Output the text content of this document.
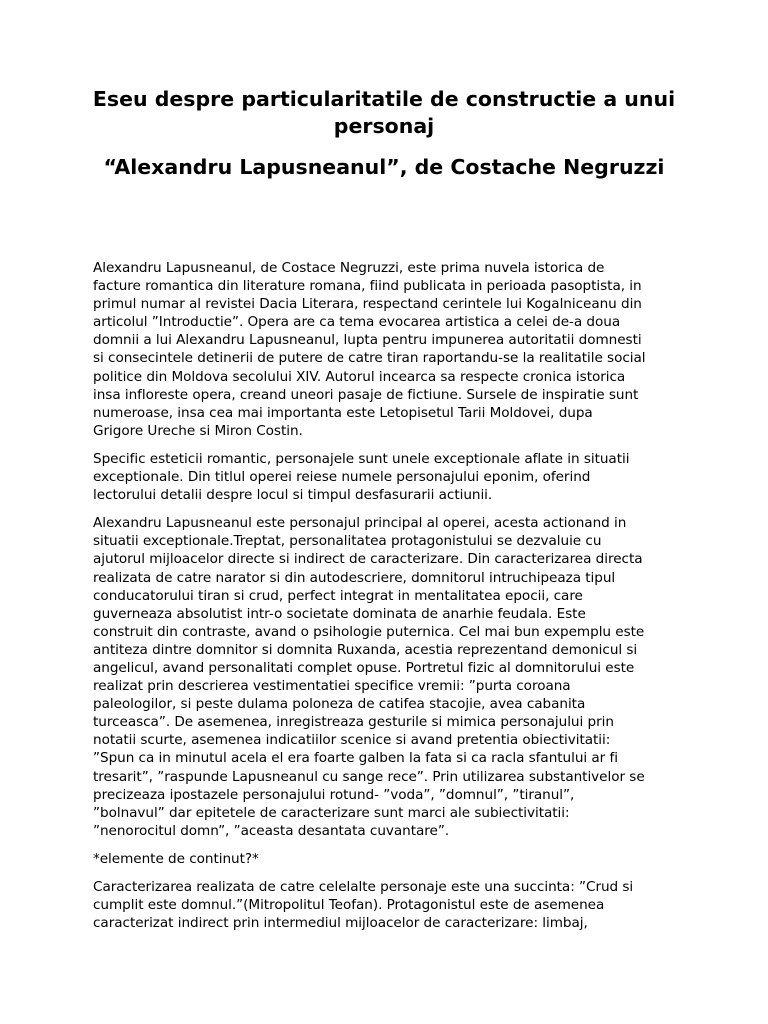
Eseu despre particularitatile de constructie a unui personaj
“Alexandru Lapusneanul”, de Costache Negruzzi

Alexandru Lapusneanul, de Costace Negruzzi, este prima nuvela istorica de
facture romantica din literature romana, fiind publicata in perioada pasoptista, in
primul numar al revistei Dacia Literara, respectand cerintele lui Kogalniceanu din
articolul ”Introductie”. Opera are ca tema evocarea artistica a celei de-a doua
domnii a lui Alexandru Lapusneanul, lupta pentru impunerea autoritatii domnesti
si consecintele detinerii de putere de catre tiran raportandu-se la realitatile social
politice din Moldova secolului XIV. Autorul incearca sa respecte cronica istorica
insa infloreste opera, creand uneori pasaje de fictiune. Sursele de inspiratie sunt
numeroase, insa cea mai importanta este Letopisetul Tarii Moldovei, dupa
Grigore Ureche si Miron Costin.

Specific esteticii romantic, personajele sunt unele exceptionale aflate in situatii
exceptionale. Din titlul operei reiese numele personajului eponim, oferind
lectorului detalii despre locul si timpul desfasurarii actiunii.

Alexandru Lapusneanul este personajul principal al operei, acesta actionand in
situatii exceptionale.Treptat, personalitatea protagonistului se dezvaluie cu
ajutorul mijloacelor directe si indirect de caracterizare. Din caracterizarea directa
realizata de catre narator si din autodescriere, domnitorul intruchipeaza tipul
conducatorului tiran si crud, perfect integrat in mentalitatea epocii, care
guverneaza absolutist intr-o societate dominata de anarhie feudala. Este
construit din contraste, avand o psihologie puternica. Cel mai bun expemplu este
antiteza dintre domnitor si domnita Ruxanda, acestia reprezentand demonicul si
angelicul, avand personalitati complet opuse. Portretul fizic al domnitorului este
realizat prin descrierea vestimentatiei specifice vremii: ”purta coroana
paleologilor, si peste dulama poloneza de catifea stacojie, avea cabanita
turceasca”. De asemenea, inregistreaza gesturile si mimica personajului prin
notatii scurte, asemenea indicatiilor scenice si avand pretentia obiectivitatii:
”Spun ca in minutul acela el era foarte galben la fata si ca racla sfantului ar fi
tresarit”, ”raspunde Lapusneanul cu sange rece”. Prin utilizarea substantivelor se
precizeaza ipostazele personajului rotund- ”voda”, ”domnul”, ”tiranul”,
”bolnavul” dar epitetele de caracterizare sunt marci ale subiectivitatii:
”nenorocitul domn”, ”aceasta desantata cuvantare”.

*elemente de continut?*

Caracterizarea realizata de catre celelalte personaje este una succinta: ”Crud si
cumplit este domnul.”(Mitropolitul Teofan). Protagonistul este de asemenea
caracterizat indirect prin intermediul mijloacelor de caracterizare: limbaj,
